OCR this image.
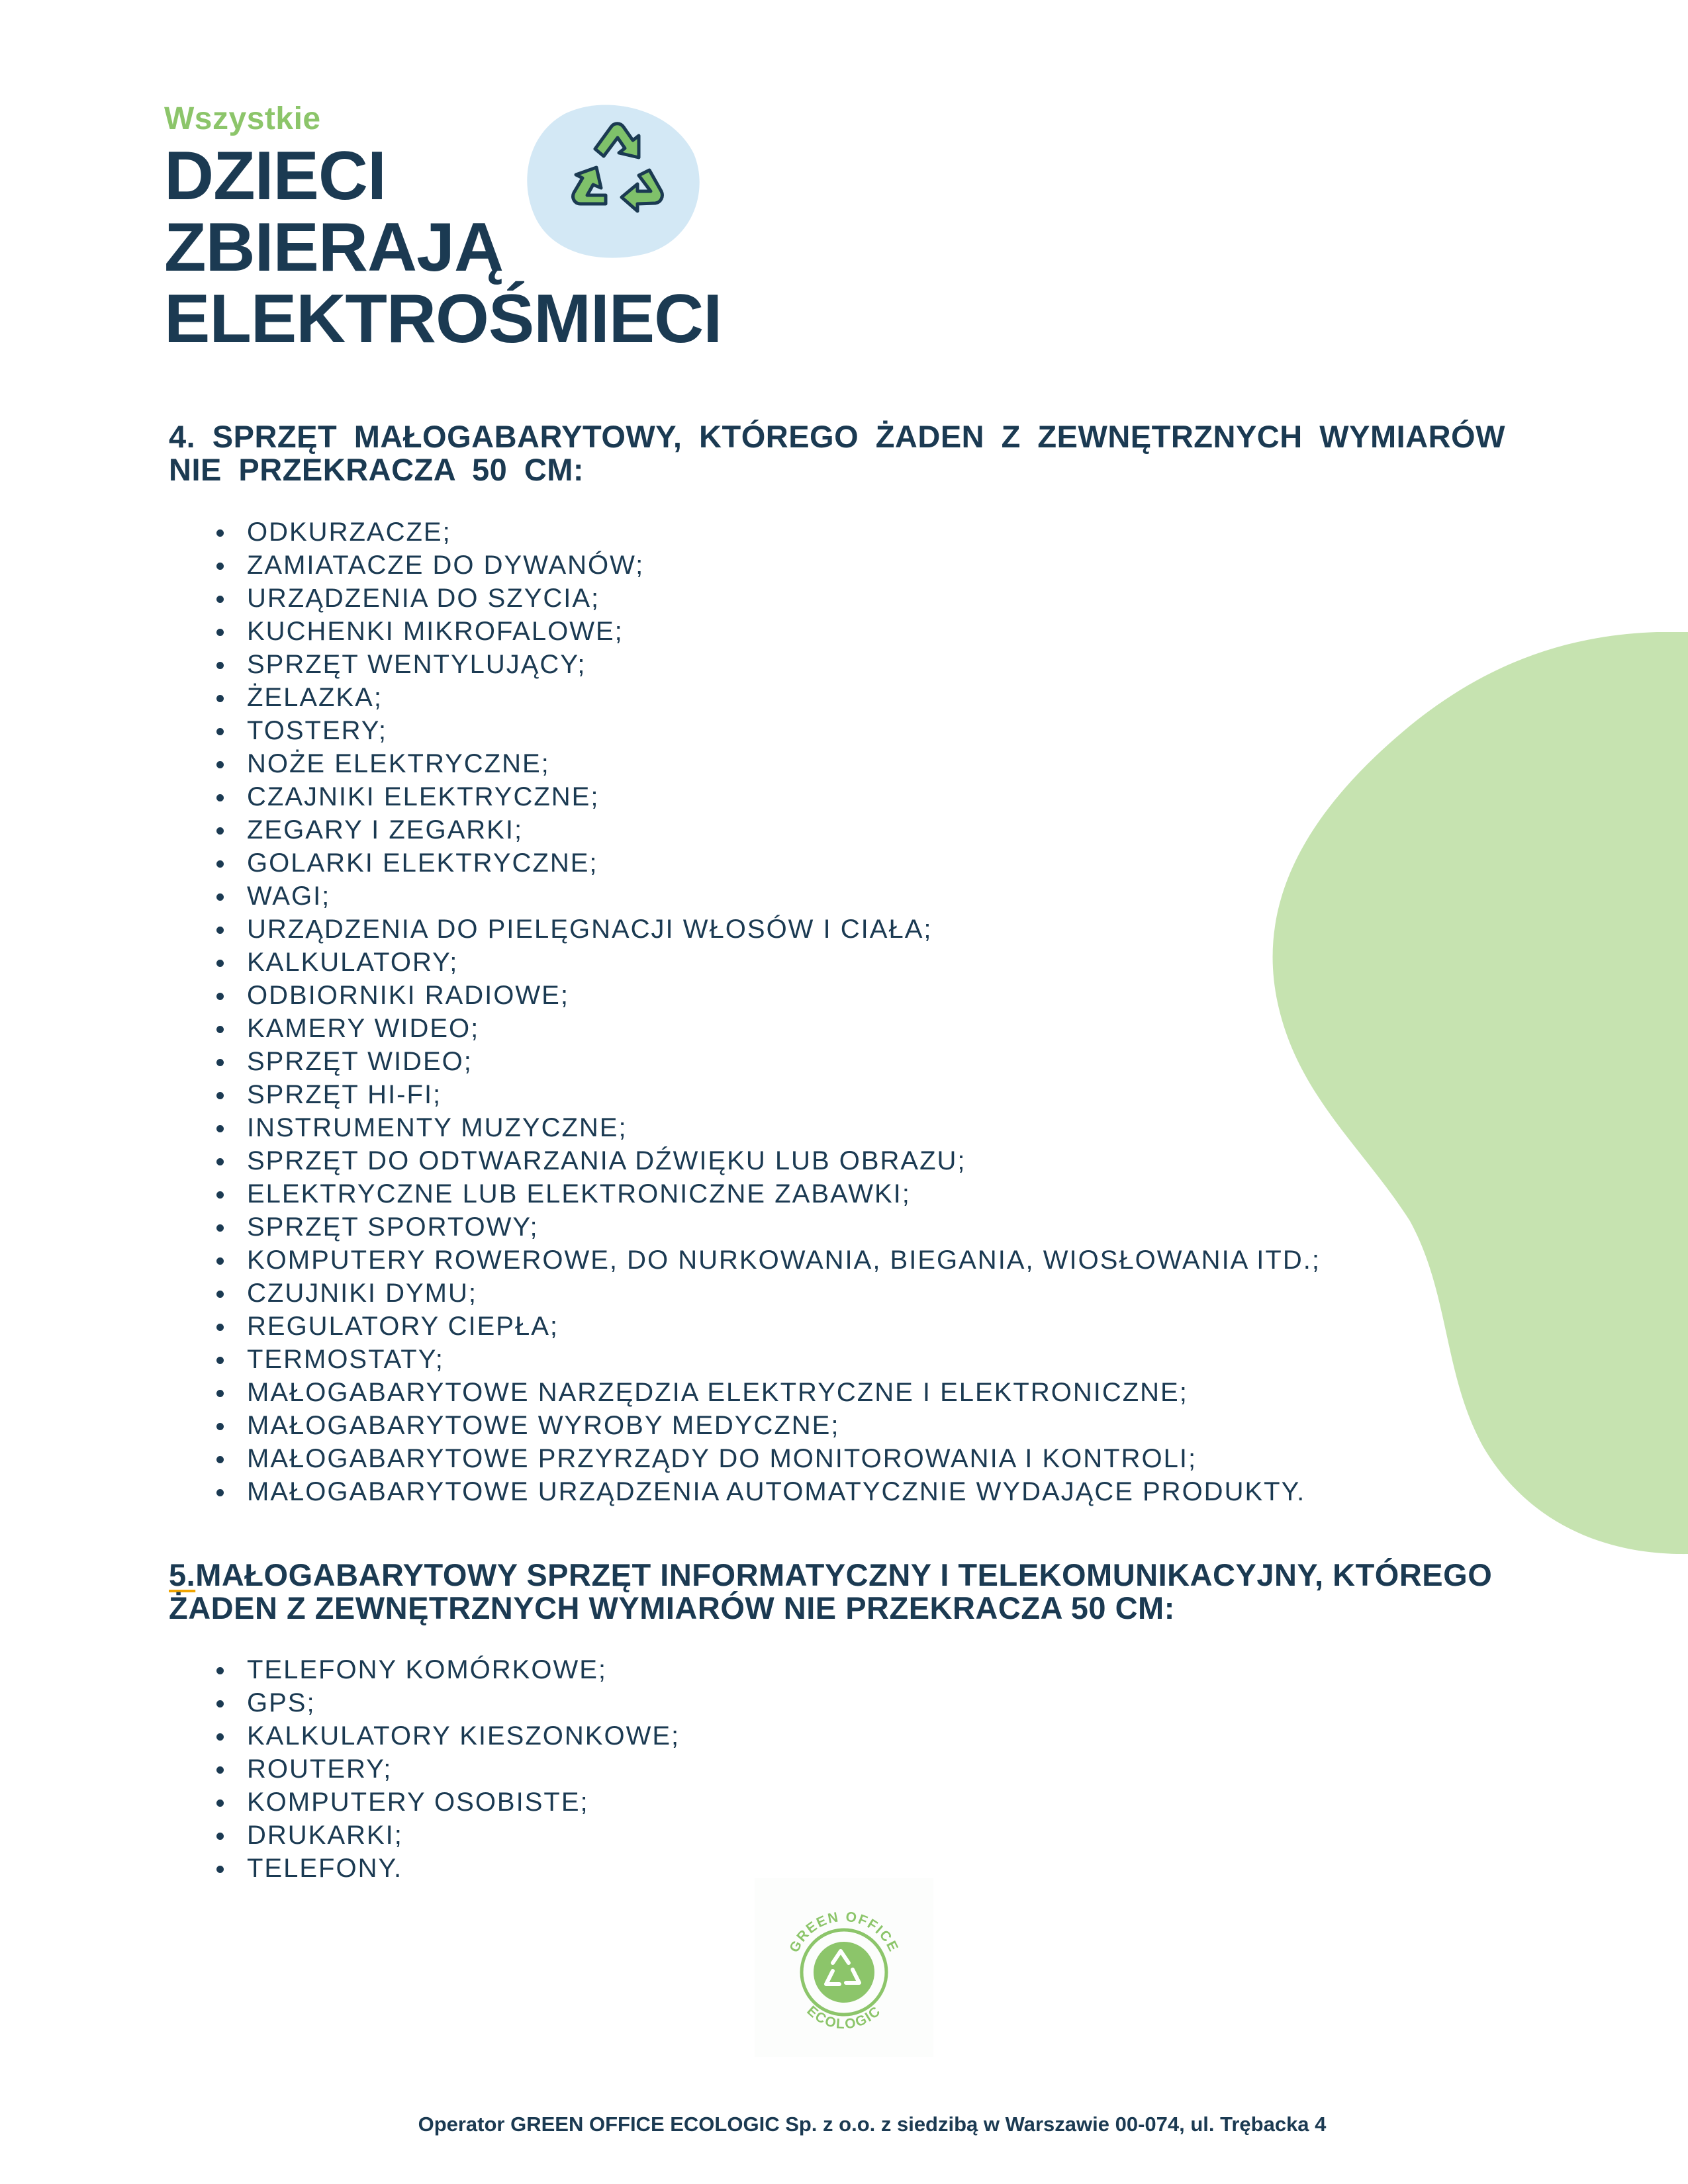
Wszystkie
DZIECI
ZBIERAJĄ
ELEKTROŚMIECI
4. SPRZĘT MAŁOGABARYTOWY, KTÓREGO ŻADEN Z ZEWNĘTRZNYCH WYMIARÓW
NIE PRZEKRACZA 50 CM:
ODKURZACZE;
ZAMIATACZE DO DYWANÓW;
URZĄDZENIA DO SZYCIA;
KUCHENKI MIKROFALOWE;
SPRZĘT WENTYLUJĄCY;
ŻELAZKA;
TOSTERY;
NOŻE ELEKTRYCZNE;
CZAJNIKI ELEKTRYCZNE;
ZEGARY I ZEGARKI;
GOLARKI ELEKTRYCZNE;
WAGI;
URZĄDZENIA DO PIELĘGNACJI WŁOSÓW I CIAŁA;
KALKULATORY;
ODBIORNIKI RADIOWE;
KAMERY WIDEO;
SPRZĘT WIDEO;
SPRZĘT HI-FI;
INSTRUMENTY MUZYCZNE;
SPRZĘT DO ODTWARZANIA DŹWIĘKU LUB OBRAZU;
ELEKTRYCZNE LUB ELEKTRONICZNE ZABAWKI;
SPRZĘT SPORTOWY;
KOMPUTERY ROWEROWE, DO NURKOWANIA, BIEGANIA, WIOSŁOWANIA ITD.;
CZUJNIKI DYMU;
REGULATORY CIEPŁA;
TERMOSTATY;
MAŁOGABARYTOWE NARZĘDZIA ELEKTRYCZNE I ELEKTRONICZNE;
MAŁOGABARYTOWE WYROBY MEDYCZNE;
MAŁOGABARYTOWE PRZYRZĄDY DO MONITOROWANIA I KONTROLI;
MAŁOGABARYTOWE URZĄDZENIA AUTOMATYCZNIE WYDAJĄCE PRODUKTY.
5.MAŁOGABARYTOWY SPRZĘT INFORMATYCZNY I TELEKOMUNIKACYJNY, KTÓREGO
ŻADEN Z ZEWNĘTRZNYCH WYMIARÓW NIE PRZEKRACZA 50 CM:
TELEFONY KOMÓRKOWE;
GPS;
KALKULATORY KIESZONKOWE;
ROUTERY;
KOMPUTERY OSOBISTE;
DRUKARKI;
TELEFONY.
GREEN OFFICE
ECOLOGIC
Operator GREEN OFFICE ECOLOGIC Sp. z o.o. z siedzibą w Warszawie 00-074, ul. Trębacka 4
